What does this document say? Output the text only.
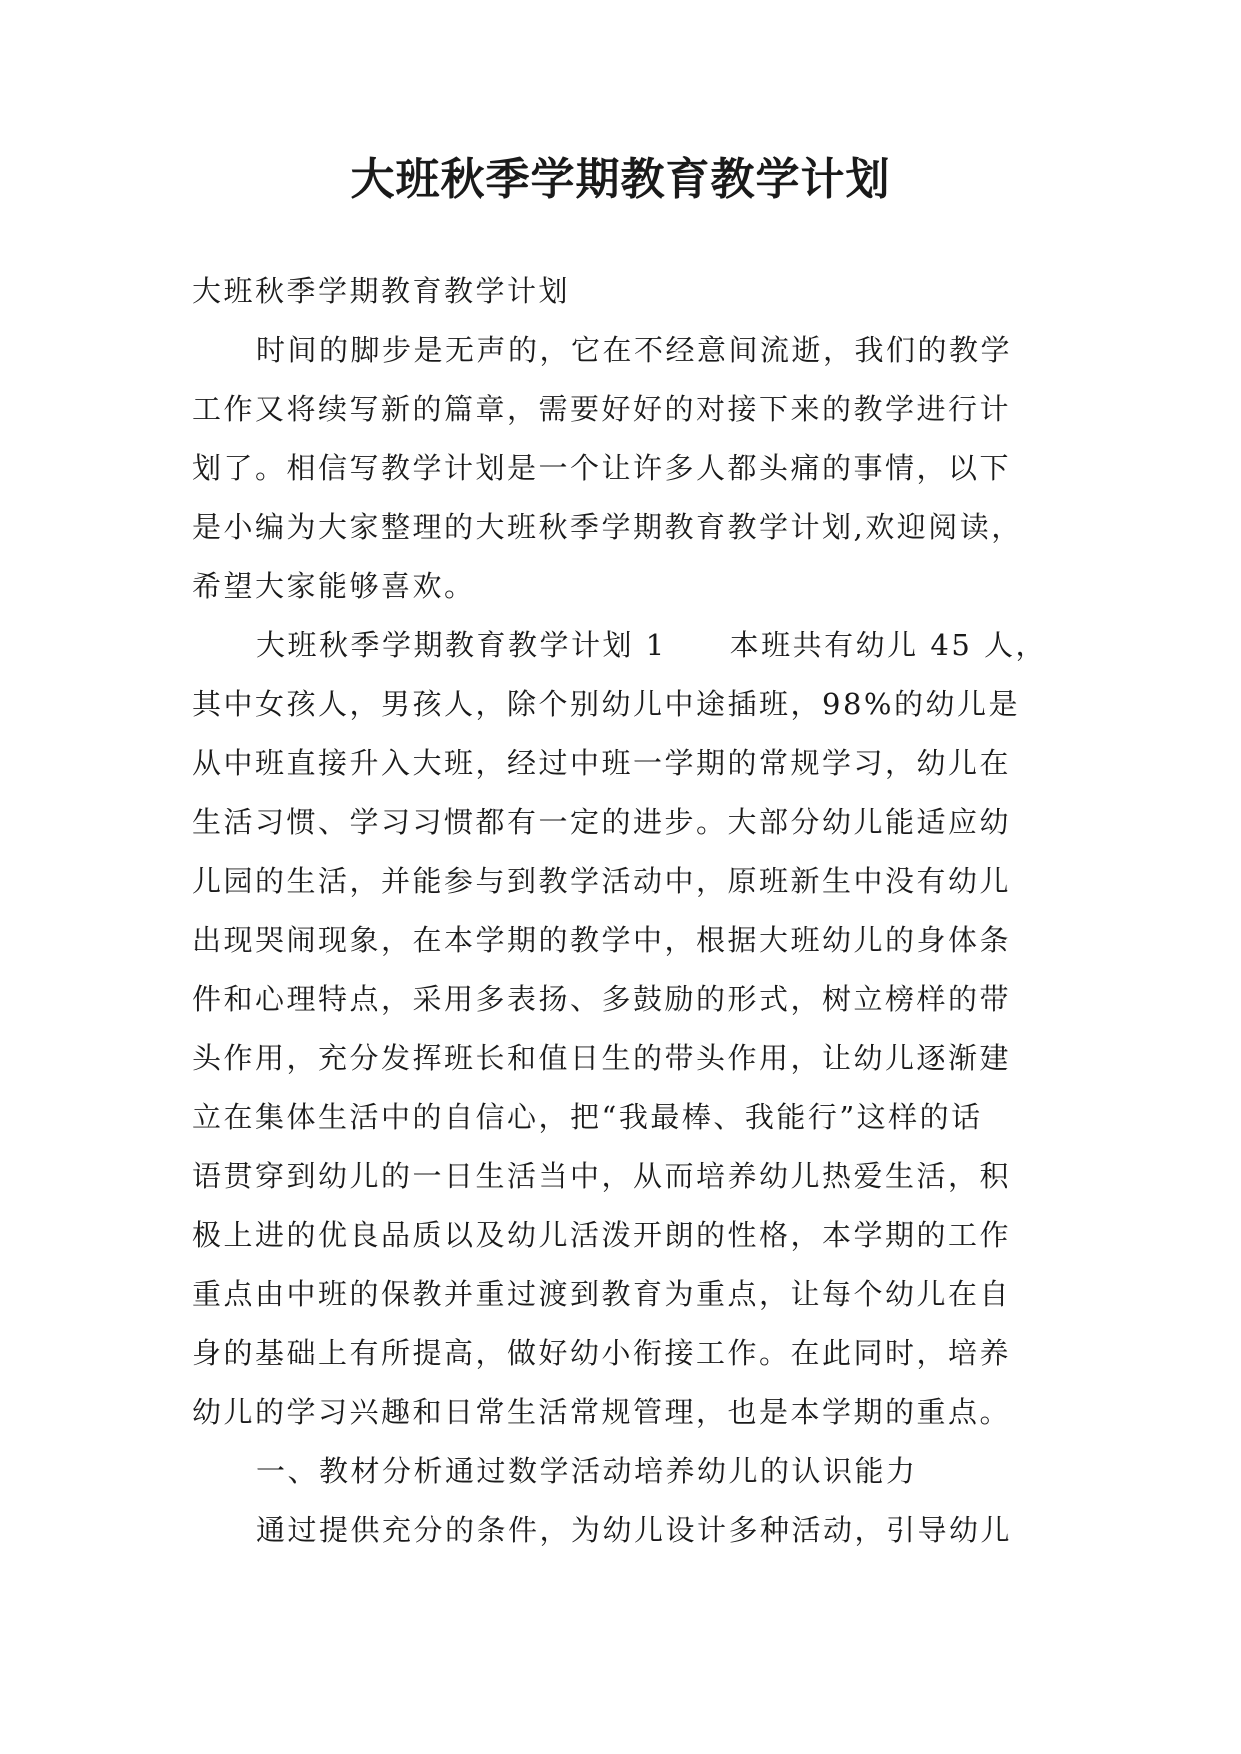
大班秋季学期教育教学计划
大班秋季学期教育教学计划
时间的脚步是无声的，它在不经意间流逝，我们的教学
工作又将续写新的篇章，需要好好的对接下来的教学进行计
划了。相信写教学计划是一个让许多人都头痛的事情，以下
是小编为大家整理的大班秋季学期教育教学计划,欢迎阅读，
希望大家能够喜欢。
大班秋季学期教育教学计划 1　　本班共有幼儿 45 人，
其中女孩人，男孩人，除个别幼儿中途插班，98%的幼儿是
从中班直接升入大班，经过中班一学期的常规学习，幼儿在
生活习惯、学习习惯都有一定的进步。大部分幼儿能适应幼
儿园的生活，并能参与到教学活动中，原班新生中没有幼儿
出现哭闹现象，在本学期的教学中，根据大班幼儿的身体条
件和心理特点，采用多表扬、多鼓励的形式，树立榜样的带
头作用，充分发挥班长和值日生的带头作用，让幼儿逐渐建
立在集体生活中的自信心，把“我最棒、我能行”这样的话
语贯穿到幼儿的一日生活当中，从而培养幼儿热爱生活，积
极上进的优良品质以及幼儿活泼开朗的性格，本学期的工作
重点由中班的保教并重过渡到教育为重点，让每个幼儿在自
身的基础上有所提高，做好幼小衔接工作。在此同时，培养
幼儿的学习兴趣和日常生活常规管理，也是本学期的重点。
一、教材分析通过数学活动培养幼儿的认识能力
通过提供充分的条件，为幼儿设计多种活动，引导幼儿
